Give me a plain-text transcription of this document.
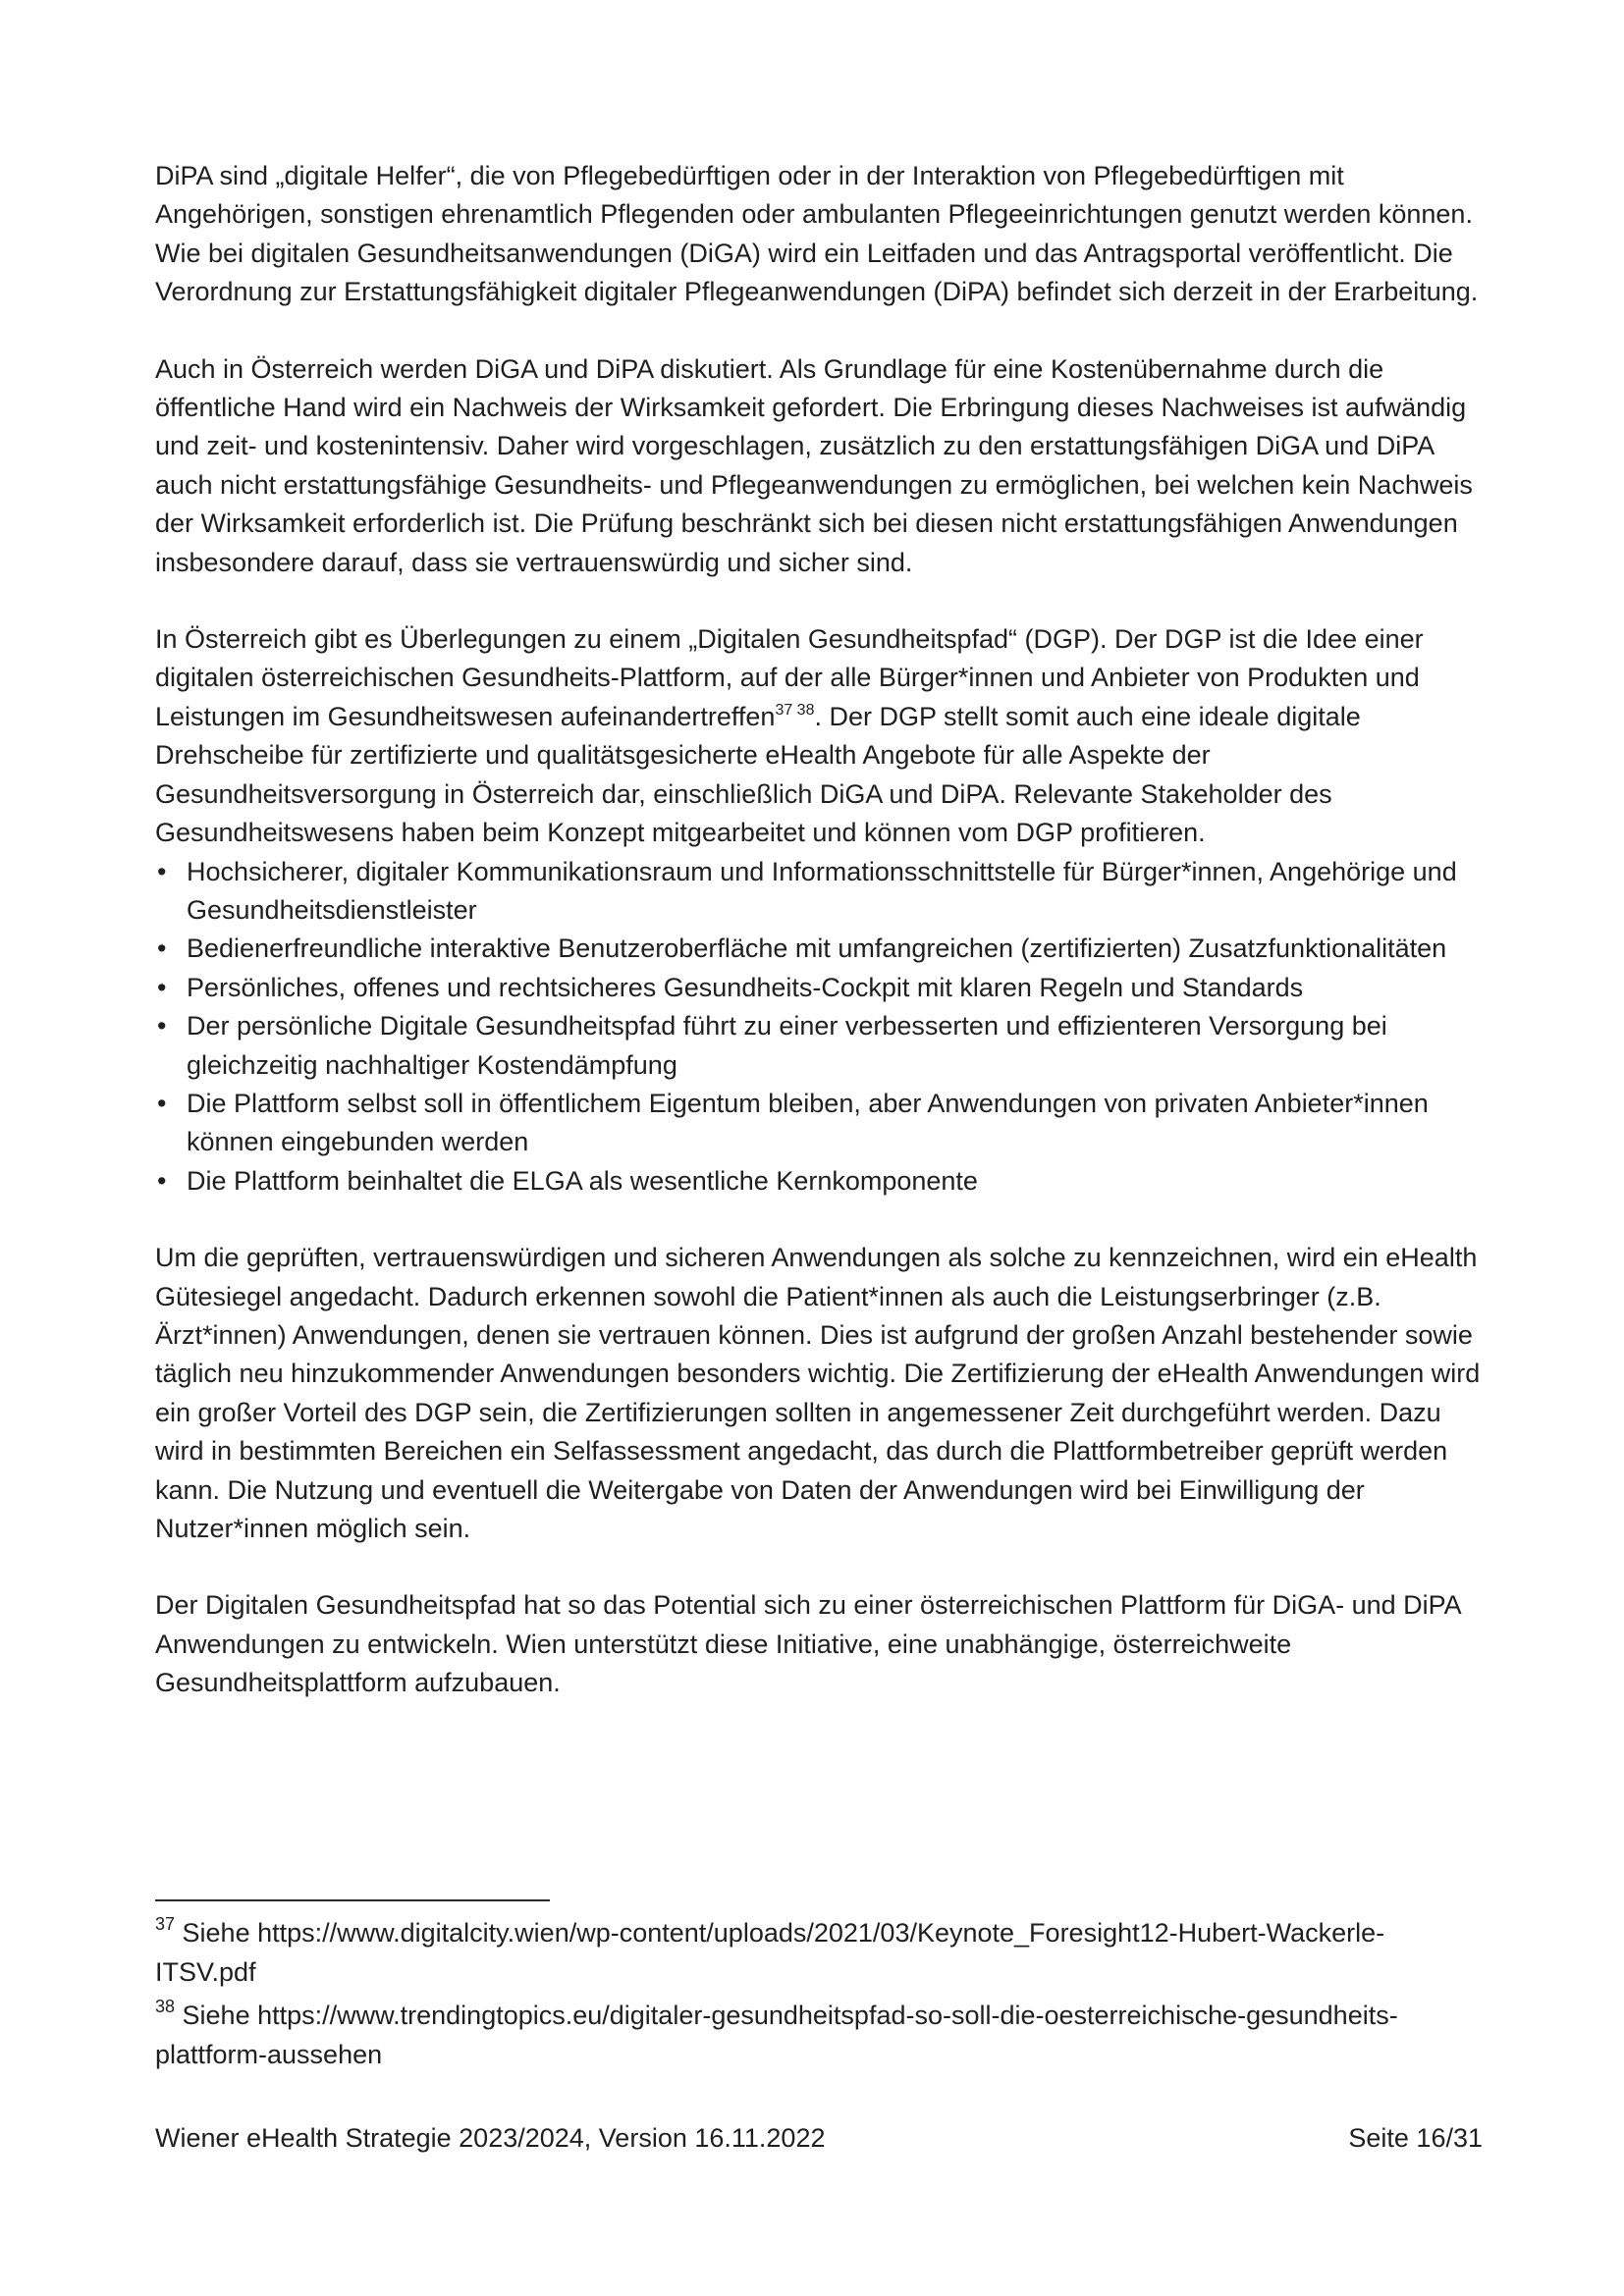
DiPA sind „digitale Helfer“, die von Pflegebedürftigen oder in der Interaktion von Pflegebedürftigen mit Angehörigen, sonstigen ehrenamtlich Pflegenden oder ambulanten Pflegeeinrichtungen genutzt werden können. Wie bei digitalen Gesundheitsanwendungen (DiGA) wird ein Leitfaden und das Antragsportal veröffentlicht. Die Verordnung zur Erstattungsfähigkeit digitaler Pflegeanwendungen (DiPA) befindet sich derzeit in der Erarbeitung.

Auch in Österreich werden DiGA und DiPA diskutiert. Als Grundlage für eine Kostenübernahme durch die öffentliche Hand wird ein Nachweis der Wirksamkeit gefordert. Die Erbringung dieses Nachweises ist aufwändig und zeit- und kostenintensiv. Daher wird vorgeschlagen, zusätzlich zu den erstattungsfähigen DiGA und DiPA auch nicht erstattungsfähige Gesundheits- und Pflegeanwendungen zu ermöglichen, bei welchen kein Nachweis der Wirksamkeit erforderlich ist. Die Prüfung beschränkt sich bei diesen nicht erstattungsfähigen Anwendungen insbesondere darauf, dass sie vertrauenswürdig und sicher sind.

In Österreich gibt es Überlegungen zu einem „Digitalen Gesundheitspfad“ (DGP). Der DGP ist die Idee einer digitalen österreichischen Gesundheits-Plattform, auf der alle Bürger*innen und Anbieter von Produkten und Leistungen im Gesundheitswesen aufeinandertreffen$^{37 38}$. Der DGP stellt somit auch eine ideale digitale Drehscheibe für zertifizierte und qualitätsgesicherte eHealth Angebote für alle Aspekte der Gesundheitsversorgung in Österreich dar, einschließlich DiGA und DiPA. Relevante Stakeholder des Gesundheitswesens haben beim Konzept mitgearbeitet und können vom DGP profitieren.

• Hochsicherer, digitaler Kommunikationsraum und Informationsschnittstelle für Bürger*innen, Angehörige und Gesundheitsdienstleister
• Bedienerfreundliche interaktive Benutzeroberfläche mit umfangreichen (zertifizierten) Zusatzfunktionalitäten
• Persönliches, offenes und rechtsicheres Gesundheits-Cockpit mit klaren Regeln und Standards
• Der persönliche Digitale Gesundheitspfad führt zu einer verbesserten und effizienteren Versorgung bei gleichzeitig nachhaltiger Kostendämpfung
• Die Plattform selbst soll in öffentlichem Eigentum bleiben, aber Anwendungen von privaten Anbieter*innen können eingebunden werden
• Die Plattform beinhaltet die ELGA als wesentliche Kernkomponente

Um die geprüften, vertrauenswürdigen und sicheren Anwendungen als solche zu kennzeichnen, wird ein eHealth Gütesiegel angedacht. Dadurch erkennen sowohl die Patient*innen als auch die Leistungserbringer (z.B. Ärzt*innen) Anwendungen, denen sie vertrauen können. Dies ist aufgrund der großen Anzahl bestehender sowie täglich neu hinzukommender Anwendungen besonders wichtig. Die Zertifizierung der eHealth Anwendungen wird ein großer Vorteil des DGP sein, die Zertifizierungen sollten in angemessener Zeit durchgeführt werden. Dazu wird in bestimmten Bereichen ein Selfassessment angedacht, das durch die Plattformbetreiber geprüft werden kann. Die Nutzung und eventuell die Weitergabe von Daten der Anwendungen wird bei Einwilligung der Nutzer*innen möglich sein.

Der Digitalen Gesundheitspfad hat so das Potential sich zu einer österreichischen Plattform für DiGA- und DiPA Anwendungen zu entwickeln. Wien unterstützt diese Initiative, eine unabhängige, österreichweite Gesundheitsplattform aufzubauen.

$^{37}$ Siehe https://www.digitalcity.wien/wp-content/uploads/2021/03/Keynote_Foresight12-Hubert-Wackerle-ITSV.pdf

$^{38}$ Siehe https://www.trendingtopics.eu/digitaler-gesundheitspfad-so-soll-die-oesterreichische-gesundheits-plattform-aussehen

Wiener eHealth Strategie 2023/2024, Version 16.11.2022	Seite 16/31
